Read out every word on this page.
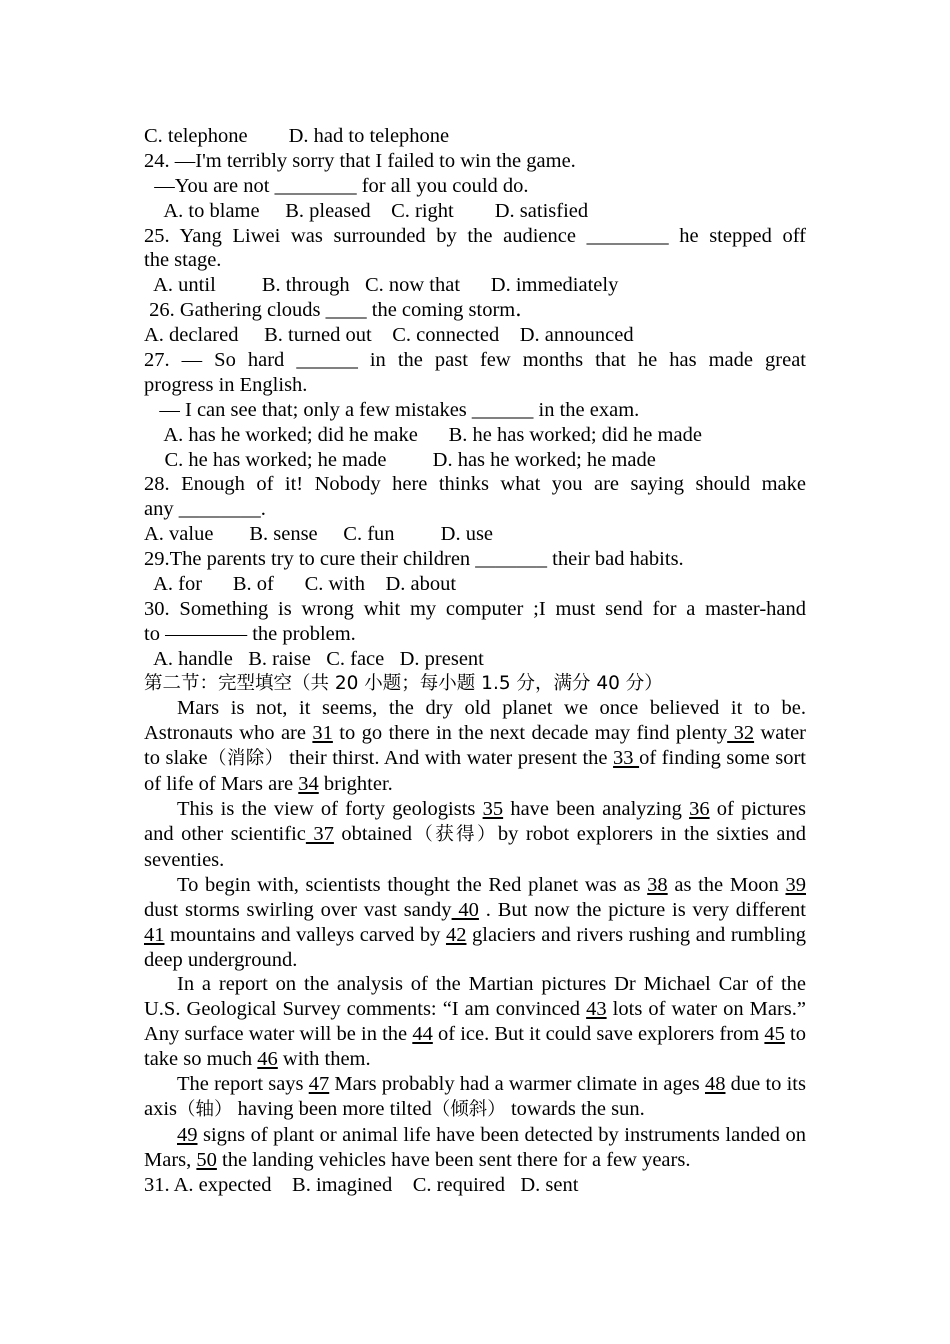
C. telephone        D. had to telephone
24. —I'm terribly sorry that I failed to win the game.
—You are not ________ for all you could do.
A. to blame     B. pleased    C. right        D. satisfied
25. Yang Liwei was surrounded by the audience ________ he stepped off
the stage.
A. until         B. through   C. now that      D. immediately
26. Gathering clouds ____ the coming storm．
A. declared     B. turned out    C. connected    D. announced
27. — So hard ______ in the past few months that he has made great
progress in English.
— I can see that; only a few mistakes ______ in the exam.
A. has he worked; did he make      B. he has worked; did he made
C. he has worked; he made         D. has he worked; he made
28. Enough of it! Nobody here thinks what you are saying should make
any ________.
A. value       B. sense     C. fun         D. use
29.The parents try to cure their children _______ their bad habits.
A. for      B. of      C. with    D. about
30. Something is wrong whit my computer ;I must send for a master-hand
to ———— the problem.
A. handle   B. raise   C. face   D. present
第二节：完型填空（共 20 小题；每小题 1.5 分，满分 40 分）
Mars is not, it seems, the dry old planet we once believed it to be. Astronauts who are 31 to go there in the next decade may find plenty 32 water to slake（消除） their thirst. And with water present the 33 of finding some sort of life of Mars are 34 brighter.
This is the view of forty geologists 35 have been analyzing 36 of pictures and other scientific 37 obtained（获得）by robot explorers in the sixties and seventies.
To begin with, scientists thought the Red planet was as 38 as the Moon 39 dust storms swirling over vast sandy 40 . But now the picture is very different 41 mountains and valleys carved by 42 glaciers and rivers rushing and rumbling deep underground.
In a report on the analysis of the Martian pictures Dr Michael Car of the U.S. Geological Survey comments: “I am convinced 43 lots of water on Mars.” Any surface water will be in the 44 of ice. But it could save explorers from 45 to take so much 46 with them.
The report says 47 Mars probably had a warmer climate in ages 48 due to its axis（轴） having been more tilted（倾斜） towards the sun.
49 signs of plant or animal life have been detected by instruments landed on Mars, 50 the landing vehicles have been sent there for a few years.
31. A. expected    B. imagined    C. required   D. sent
